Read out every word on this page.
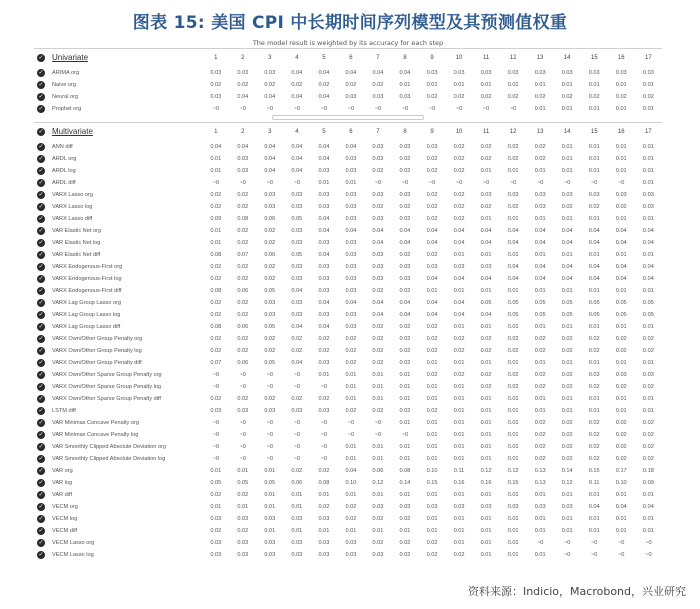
图表 15: 美国 CPI 中长期时间序列模型及其预测值权重
The model result is weighted by its accuracy for each step
✓	Univariate	1	2	3	4	5	6	7	8	9	10	11	12	13	14	15	16	17
✓	ARIMA org	0.03	0.03	0.03	0.04	0.04	0.04	0.04	0.04	0.03	0.03	0.03	0.03	0.03	0.03	0.03	0.03	0.03
✓	Naive org	0.02	0.02	0.02	0.02	0.02	0.02	0.02	0.01	0.01	0.01	0.01	0.01	0.01	0.01	0.01	0.01	0.01
✓	Neural org	0.03	0.04	0.04	0.04	0.04	0.03	0.03	0.03	0.02	0.02	0.02	0.02	0.02	0.02	0.02	0.02	0.02
✓	Prophet org	~0	~0	~0	~0	~0	~0	~0	~0	~0	~0	~0	~0	0.01	0.01	0.01	0.01	0.01

✓	Multivariate	1	2	3	4	5	6	7	8	9	10	11	12	13	14	15	16	17
✓	ANN diff	0.04	0.04	0.04	0.04	0.04	0.04	0.03	0.03	0.03	0.02	0.02	0.02	0.02	0.01	0.01	0.01	0.01
✓	ARDL org	0.01	0.03	0.04	0.04	0.04	0.03	0.03	0.02	0.02	0.02	0.02	0.02	0.02	0.01	0.01	0.01	0.01
✓	ARDL log	0.01	0.03	0.04	0.04	0.03	0.03	0.02	0.02	0.02	0.02	0.01	0.01	0.01	0.01	0.01	0.01	0.01
✓	ARDL diff	~0	~0	~0	~0	0.01	0.01	~0	~0	~0	~0	~0	~0	~0	~0	~0	~0	0.01
✓	VARX Lasso org	0.02	0.02	0.03	0.03	0.03	0.03	0.03	0.03	0.02	0.02	0.03	0.03	0.03	0.03	0.03	0.03	0.03
✓	VARX Lasso log	0.02	0.02	0.03	0.03	0.03	0.03	0.02	0.02	0.02	0.02	0.02	0.02	0.03	0.02	0.02	0.02	0.03
✓	VARX Lasso diff	0.09	0.08	0.06	0.05	0.04	0.03	0.03	0.02	0.02	0.02	0.01	0.01	0.01	0.01	0.01	0.01	0.01
✓	VAR Elastic Net org	0.01	0.02	0.02	0.03	0.04	0.04	0.04	0.04	0.04	0.04	0.04	0.04	0.04	0.04	0.04	0.04	0.04
✓	VAR Elastic Net log	0.01	0.02	0.02	0.03	0.03	0.03	0.04	0.04	0.04	0.04	0.04	0.04	0.04	0.04	0.04	0.04	0.04
✓	VAR Elastic Net diff	0.08	0.07	0.06	0.05	0.04	0.03	0.03	0.02	0.02	0.01	0.01	0.01	0.01	0.01	0.01	0.01	0.01
✓	VARX Endogenous-First org	0.02	0.02	0.02	0.03	0.03	0.03	0.03	0.03	0.03	0.03	0.03	0.04	0.04	0.04	0.04	0.04	0.04
✓	VARX Endogenous-First log	0.02	0.02	0.02	0.03	0.03	0.03	0.03	0.03	0.04	0.04	0.04	0.04	0.04	0.04	0.04	0.04	0.04
✓	VARX Endogenous-First diff	0.08	0.06	0.05	0.04	0.03	0.03	0.02	0.02	0.01	0.01	0.01	0.01	0.01	0.01	0.01	0.01	0.01
✓	VARX Lag Group Lasso org	0.02	0.02	0.03	0.03	0.04	0.04	0.04	0.04	0.04	0.04	0.05	0.05	0.05	0.05	0.05	0.05	0.05
✓	VARX Lag Group Lasso log	0.02	0.02	0.03	0.03	0.03	0.03	0.04	0.04	0.04	0.04	0.04	0.05	0.05	0.05	0.05	0.05	0.05
✓	VARX Lag Group Lasso diff	0.08	0.06	0.05	0.04	0.04	0.03	0.02	0.02	0.02	0.01	0.01	0.01	0.01	0.01	0.01	0.01	0.01
✓	VARX Own/Other Group Penalty org	0.02	0.02	0.02	0.02	0.02	0.02	0.02	0.02	0.02	0.02	0.02	0.02	0.02	0.02	0.02	0.02	0.02
✓	VARX Own/Other Group Penalty log	0.02	0.02	0.02	0.02	0.02	0.02	0.02	0.02	0.02	0.02	0.02	0.02	0.02	0.02	0.02	0.02	0.02
✓	VARX Own/Other Group Penalty diff	0.07	0.06	0.05	0.04	0.03	0.02	0.02	0.02	0.01	0.01	0.01	0.01	0.01	0.01	0.01	0.01	0.01
✓	VARX Own/Other Sparse Group Penalty org	~0	~0	~0	~0	0.01	0.01	0.01	0.01	0.02	0.02	0.02	0.02	0.02	0.02	0.03	0.03	0.03
✓	VARX Own/Other Sparse Group Penalty log	~0	~0	~0	~0	~0	0.01	0.01	0.01	0.01	0.01	0.02	0.02	0.02	0.02	0.02	0.02	0.02
✓	VARX Own/Other Sparse Group Penalty diff	0.02	0.02	0.02	0.02	0.02	0.01	0.01	0.01	0.01	0.01	0.01	0.01	0.01	0.01	0.01	0.01	0.01
✓	LSTM diff	0.03	0.03	0.03	0.03	0.03	0.02	0.02	0.02	0.02	0.01	0.01	0.01	0.01	0.01	0.01	0.01	0.01
✓	VAR Minimax Concave Penalty org	~0	~0	~0	~0	~0	~0	~0	0.01	0.01	0.01	0.01	0.01	0.02	0.02	0.02	0.02	0.02
✓	VAR Minimax Concave Penalty log	~0	~0	~0	~0	~0	~0	~0	~0	0.01	0.01	0.01	0.01	0.02	0.02	0.02	0.02	0.02
✓	VAR Smoothly Clipped Absolute Deviation org	~0	~0	~0	~0	~0	0.01	0.01	0.01	0.01	0.01	0.01	0.01	0.02	0.02	0.02	0.02	0.02
✓	VAR Smoothly Clipped Absolute Deviation log	~0	~0	~0	~0	~0	0.01	0.01	0.01	0.01	0.01	0.01	0.01	0.02	0.02	0.02	0.02	0.02
✓	VAR org	0.01	0.01	0.01	0.02	0.02	0.04	0.06	0.08	0.10	0.11	0.12	0.12	0.13	0.14	0.15	0.17	0.18
✓	VAR log	0.05	0.05	0.05	0.06	0.08	0.10	0.12	0.14	0.15	0.16	0.16	0.15	0.13	0.12	0.11	0.10	0.09
✓	VAR diff	0.02	0.02	0.01	0.01	0.01	0.01	0.01	0.01	0.01	0.01	0.01	0.01	0.01	0.01	0.01	0.01	0.01
✓	VECM org	0.01	0.01	0.01	0.01	0.02	0.02	0.03	0.03	0.03	0.03	0.03	0.03	0.03	0.03	0.04	0.04	0.04
✓	VECM log	0.03	0.03	0.03	0.03	0.03	0.02	0.02	0.02	0.01	0.01	0.01	0.01	0.01	0.01	0.01	0.01	0.01
✓	VECM diff	0.02	0.02	0.01	0.01	0.01	0.01	0.01	0.01	0.01	0.01	0.01	0.01	0.01	0.01	0.01	0.01	0.01
✓	VECM Lasso org	0.03	0.03	0.03	0.03	0.03	0.03	0.02	0.02	0.02	0.01	0.01	0.01	~0	~0	~0	~0	~0
✓	VECM Lasso log	0.03	0.03	0.03	0.03	0.03	0.03	0.03	0.02	0.02	0.02	0.01	0.01	0.01	~0	~0	~0	~0
资料来源：Indicio，Macrobond，兴业研究
